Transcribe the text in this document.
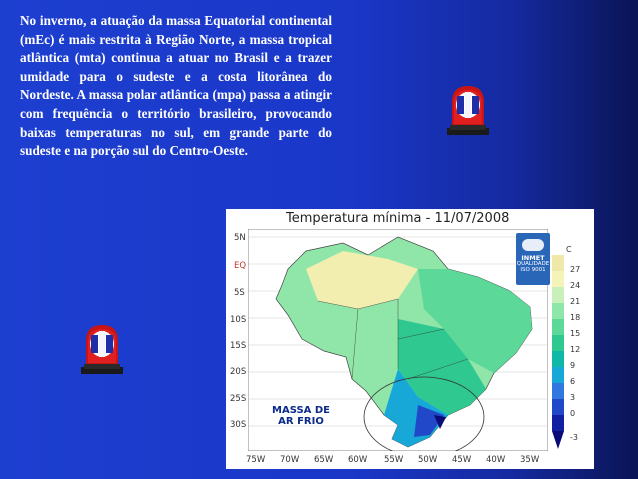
No inverno, a atuação da massa Equatorial continental (mEc) é mais restrita à Região Norte, a massa tropical atlântica (mta) continua a atuar no Brasil e a trazer umidade para o sudeste e a costa litorânea do Nordeste. A massa polar atlântica (mpa) passa a atingir com frequência o território brasileiro, provocando baixas temperaturas no sul, em grande parte do sudeste e na porção sul do Centro-Oeste.

Temperatura mínima - 11/07/2008
5N
EQ
5S
10S
15S
20S
25S
30S
75W 70W 65W 60W 55W 50W 45W 40W 35W
INMET
QUALIDADE
ISO 9001
C
27
24
21
18
15
12
9
6
3
0
-3
MASSA DE
AR FRIO
